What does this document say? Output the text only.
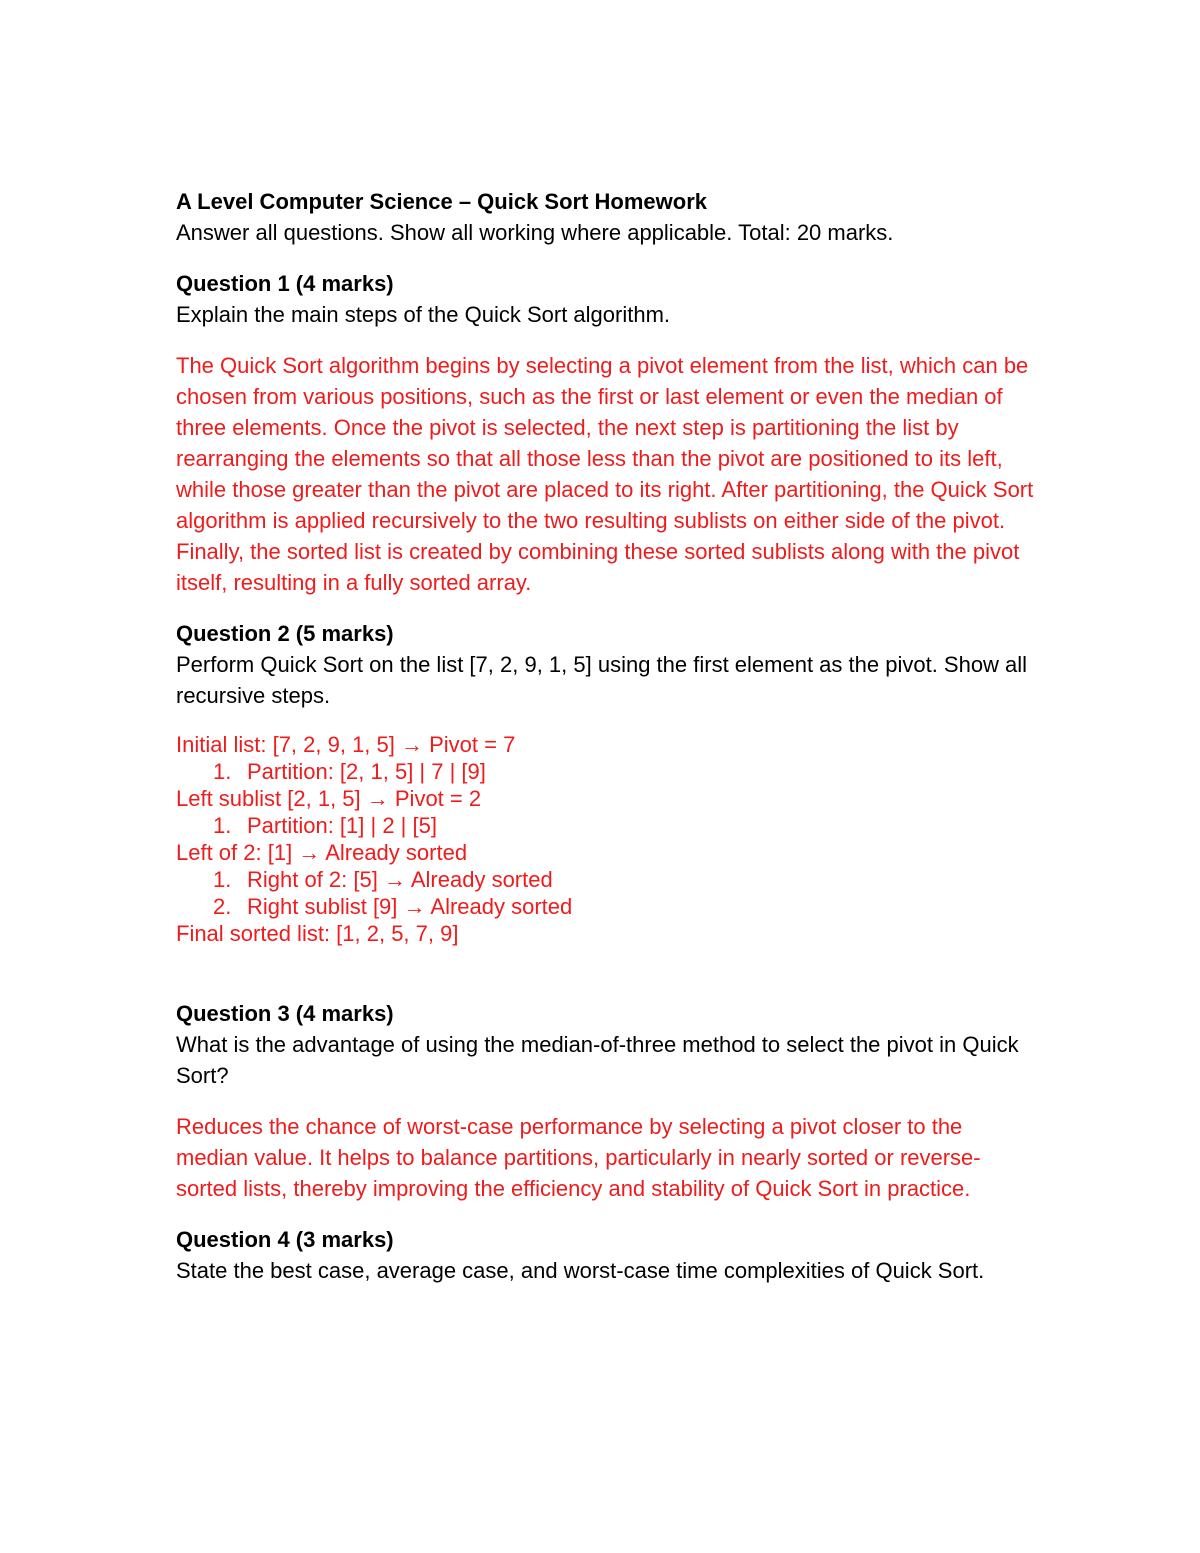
A Level Computer Science – Quick Sort Homework
Answer all questions. Show all working where applicable. Total: 20 marks.
Question 1 (4 marks)
Explain the main steps of the Quick Sort algorithm.
The Quick Sort algorithm begins by selecting a pivot element from the list, which can be chosen from various positions, such as the first or last element or even the median of three elements. Once the pivot is selected, the next step is partitioning the list by rearranging the elements so that all those less than the pivot are positioned to its left, while those greater than the pivot are placed to its right. After partitioning, the Quick Sort algorithm is applied recursively to the two resulting sublists on either side of the pivot. Finally, the sorted list is created by combining these sorted sublists along with the pivot itself, resulting in a fully sorted array.
Question 2 (5 marks)
Perform Quick Sort on the list [7, 2, 9, 1, 5] using the first element as the pivot. Show all recursive steps.
Initial list: [7, 2, 9, 1, 5] → Pivot = 7
1. Partition: [2, 1, 5] | 7 | [9]
Left sublist [2, 1, 5] → Pivot = 2
1. Partition: [1] | 2 | [5]
Left of 2: [1] → Already sorted
1. Right of 2: [5] → Already sorted
2. Right sublist [9] → Already sorted
Final sorted list: [1, 2, 5, 7, 9]
Question 3 (4 marks)
What is the advantage of using the median-of-three method to select the pivot in Quick Sort?
Reduces the chance of worst-case performance by selecting a pivot closer to the median value. It helps to balance partitions, particularly in nearly sorted or reverse-sorted lists, thereby improving the efficiency and stability of Quick Sort in practice.
Question 4 (3 marks)
State the best case, average case, and worst-case time complexities of Quick Sort.
